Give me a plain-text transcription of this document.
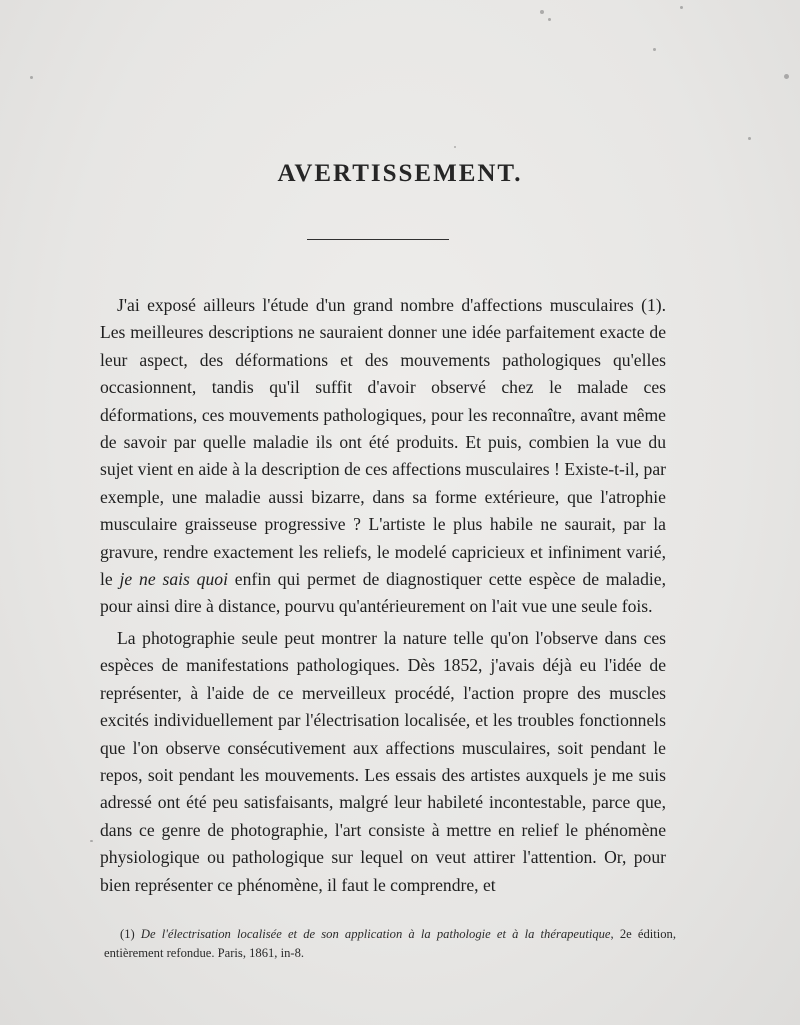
AVERTISSEMENT.

J'ai exposé ailleurs l'étude d'un grand nombre d'affections musculaires (1). Les meilleures descriptions ne sauraient donner une idée parfaitement exacte de leur aspect, des déformations et des mouvements pathologiques qu'elles occasionnent, tandis qu'il suffit d'avoir observé chez le malade ces déformations, ces mouvements pathologiques, pour les reconnaître, avant même de savoir par quelle maladie ils ont été produits. Et puis, combien la vue du sujet vient en aide à la description de ces affections musculaires ! Existe-t-il, par exemple, une maladie aussi bizarre, dans sa forme extérieure, que l'atrophie musculaire graisseuse progressive ? L'artiste le plus habile ne saurait, par la gravure, rendre exactement les reliefs, le modelé capricieux et infiniment varié, le je ne sais quoi enfin qui permet de diagnostiquer cette espèce de maladie, pour ainsi dire à distance, pourvu qu'antérieurement on l'ait vue une seule fois.

La photographie seule peut montrer la nature telle qu'on l'observe dans ces espèces de manifestations pathologiques. Dès 1852, j'avais déjà eu l'idée de représenter, à l'aide de ce merveilleux procédé, l'action propre des muscles excités individuellement par l'électrisation localisée, et les troubles fonctionnels que l'on observe consécutivement aux affections musculaires, soit pendant le repos, soit pendant les mouvements. Les essais des artistes auxquels je me suis adressé ont été peu satisfaisants, malgré leur habileté incontestable, parce que, dans ce genre de photographie, l'art consiste à mettre en relief le phénomène physiologique ou pathologique sur lequel on veut attirer l'attention. Or, pour bien représenter ce phénomène, il faut le comprendre, et

(1) De l'électrisation localisée et de son application à la pathologie et à la thérapeutique, 2e édition, entièrement refondue. Paris, 1861, in-8.
